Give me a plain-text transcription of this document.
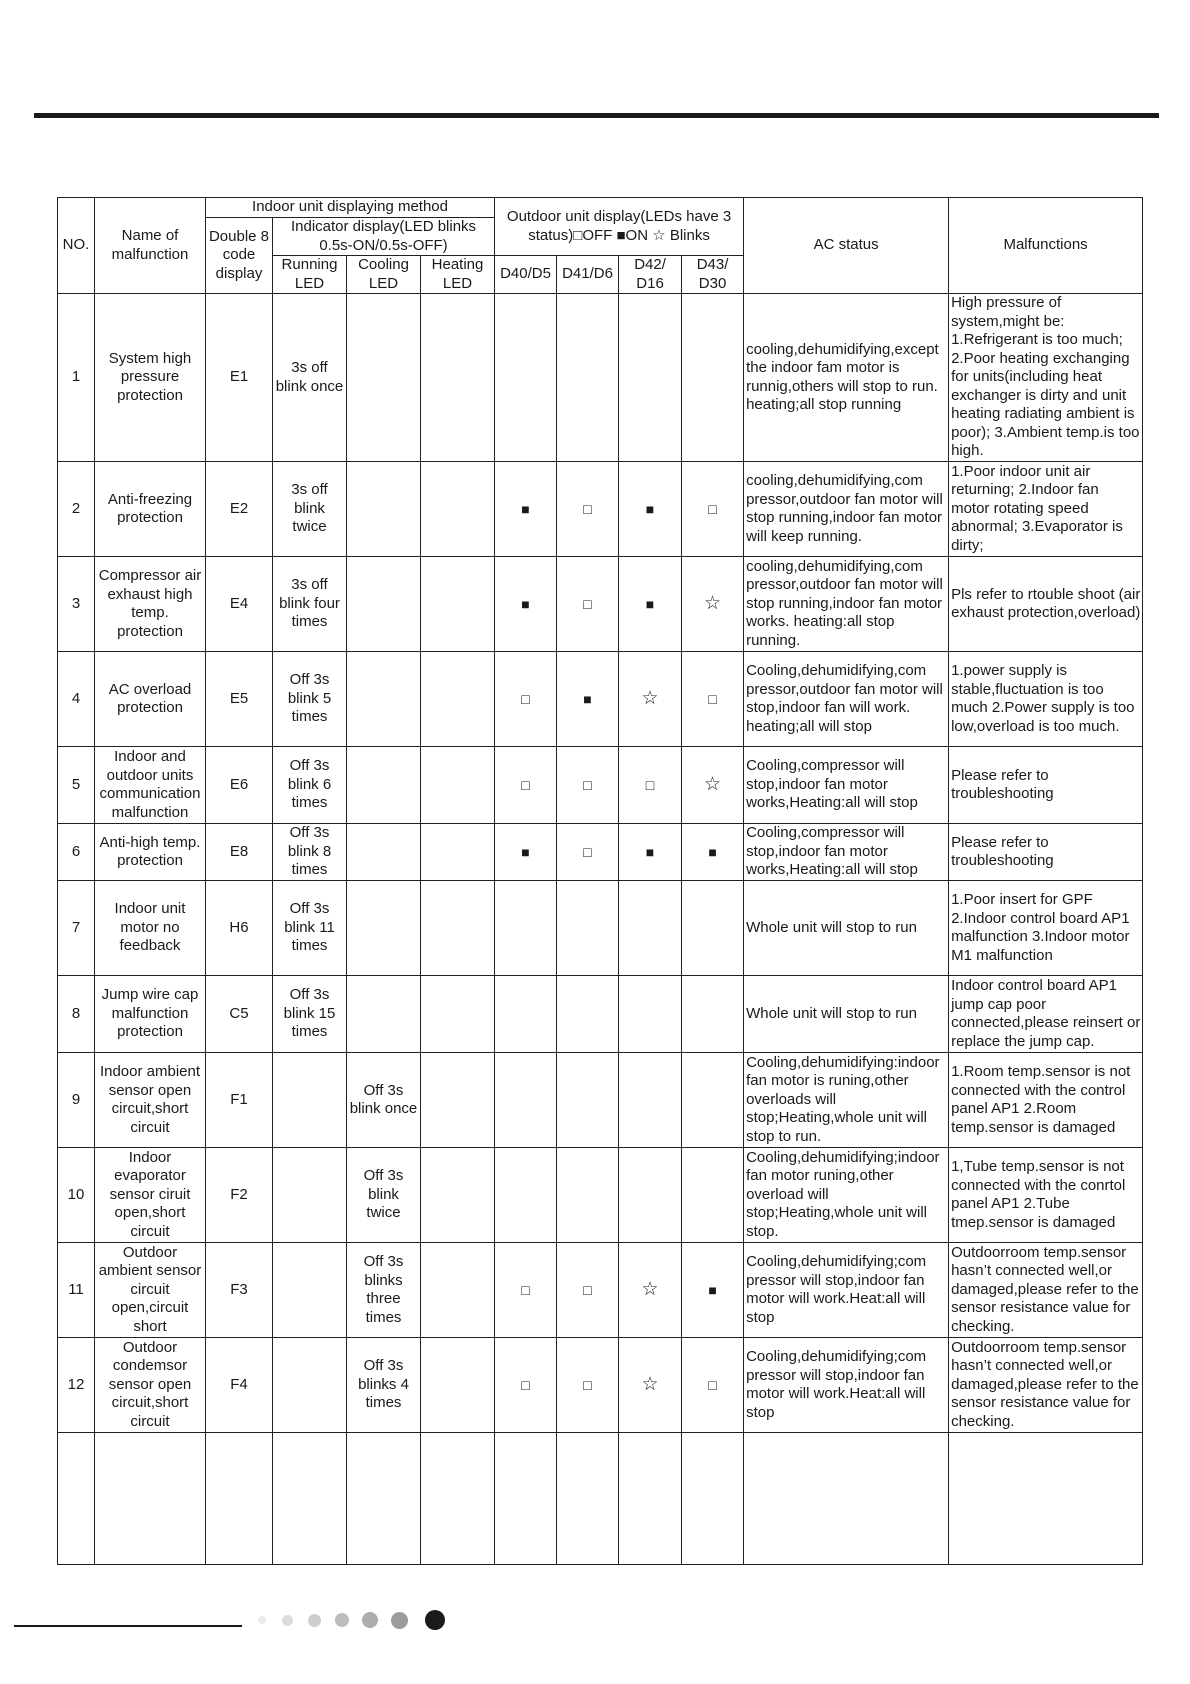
NO.	Name of malfunction	Indoor unit displaying method				Outdoor unit display(LEDs have 3 status)□OFF ■ON ☆ Blinks				AC status	Malfunctions
		Double 8 code display	Indicator display(LED blinks 0.5s-ON/0.5s-OFF)								
			Running LED	Cooling LED	Heating LED	D40/D5	D41/D6	D42/ D16	D43/ D30		
1	System high pressure protection	E1	3s off blink once							cooling,dehumidifying,except the indoor fam motor is runnig,others will stop to run. heating;all stop running	High pressure of system,might be: 1.Refrigerant is too much; 2.Poor heating exchanging for units(including heat exchanger is dirty and unit heating radiating ambient is poor); 3.Ambient temp.is too high.
2	Anti-freezing protection	E2	3s off blink twice			■	□	■	□	cooling,dehumidifying,com pressor,outdoor fan motor will stop running,indoor fan motor will keep running.	1.Poor indoor unit air returning; 2.Indoor fan motor rotating speed abnormal; 3.Evaporator is dirty;
3	Compressor air exhaust high temp. protection	E4	3s off blink four times			■	□	■	☆	cooling,dehumidifying,com pressor,outdoor fan motor will stop running,indoor fan motor works. heating:all stop running.	Pls refer to rtouble shoot (air exhaust protection,overload)
4	AC overload protection	E5	Off 3s blink 5 times			□	■	☆	□	Cooling,dehumidifying,com pressor,outdoor fan motor will stop,indoor fan will work. heating;all will stop	1.power supply is stable,fluctuation is too much 2.Power supply is too low,overload is too much.
5	Indoor and outdoor units communication malfunction	E6	Off 3s blink 6 times			□	□	□	☆	Cooling,compressor will stop,indoor fan motor works,Heating:all will stop	Please refer to troubleshooting
6	Anti-high temp. protection	E8	Off 3s blink 8 times			■	□	■	■	Cooling,compressor will stop,indoor fan motor works,Heating:all will stop	Please refer to troubleshooting
7	Indoor unit motor no feedback	H6	Off 3s blink 11 times							Whole unit will stop to run	1.Poor insert for GPF 2.Indoor control board AP1 malfunction 3.Indoor motor M1 malfunction
8	Jump wire cap malfunction protection	C5	Off 3s blink 15 times							Whole unit will stop to run	Indoor control board AP1 jump cap poor connected,please reinsert or replace the jump cap.
9	Indoor ambient sensor open circuit,short circuit	F1		Off 3s blink once						Cooling,dehumidifying:indoor fan motor is runing,other overloads will stop;Heating,whole unit will stop to run.	1.Room temp.sensor is not connected with the control panel AP1 2.Room temp.sensor is damaged
10	Indoor evaporator sensor ciruit open,short circuit	F2		Off 3s blink twice						Cooling,dehumidifying;indoor fan motor runing,other overload will stop;Heating,whole unit will stop.	1,Tube temp.sensor is not connected with the conrtol panel AP1 2.Tube tmep.sensor is damaged
11	Outdoor ambient sensor circuit open,circuit short	F3		Off 3s blinks three times		□	□	☆	■	Cooling,dehumidifying;com pressor will stop,indoor fan motor will work.Heat:all will stop	Outdoorroom temp.sensor hasn’t connected well,or damaged,please refer to the sensor resistance value for checking.
12	Outdoor condemsor sensor open circuit,short circuit	F4		Off 3s blinks 4 times		□	□	☆	□	Cooling,dehumidifying;com pressor will stop,indoor fan motor will work.Heat:all will stop	Outdoorroom temp.sensor hasn’t connected well,or damaged,please refer to the sensor resistance value for checking.
